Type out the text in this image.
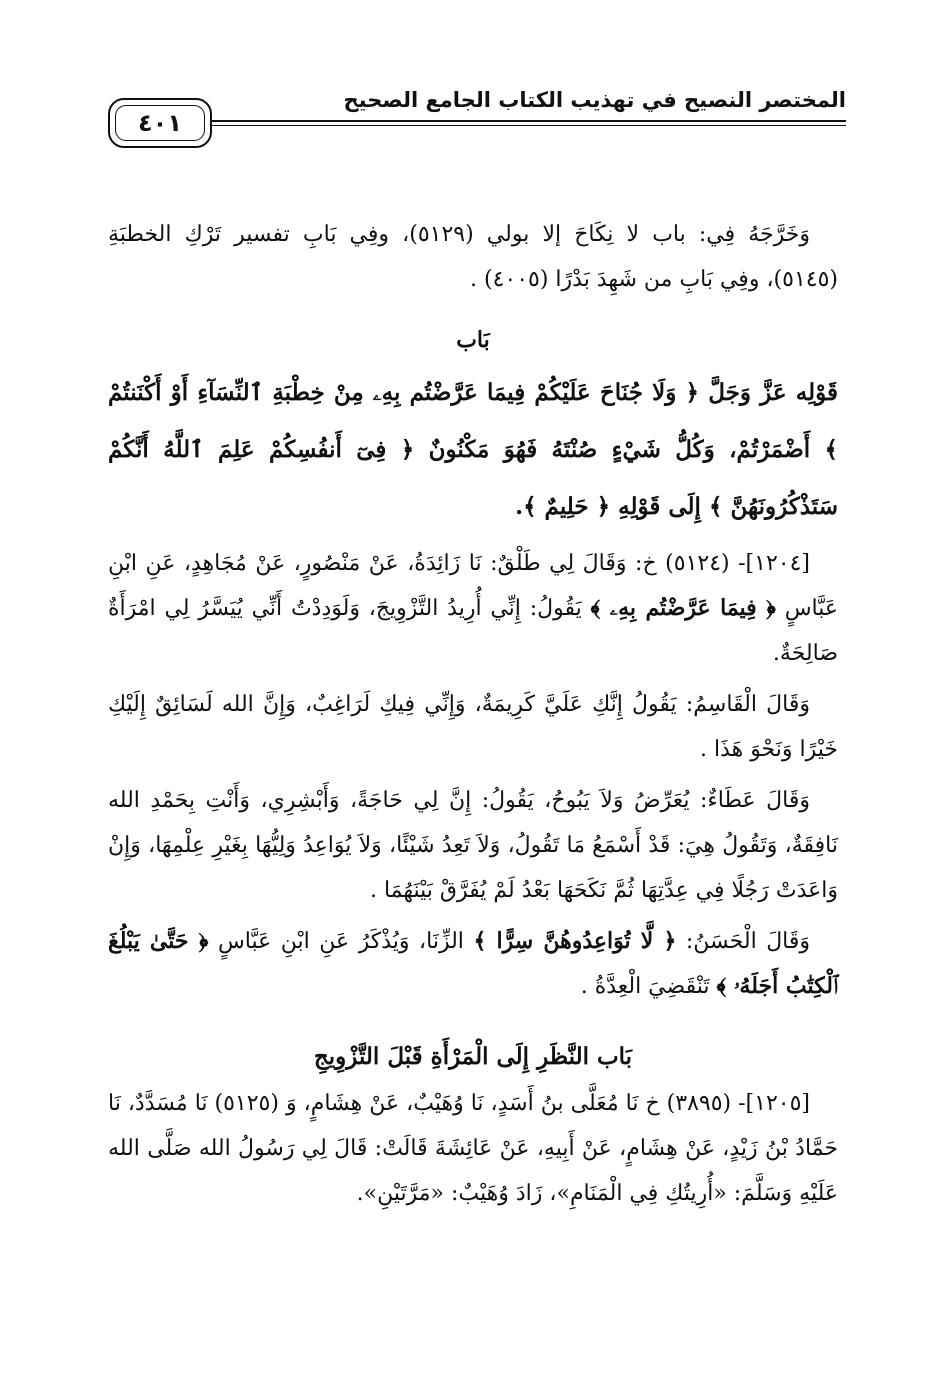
المختصر النصيح في تهذيب الكتاب الجامع الصحيح
٤٠١

وَخَرَّجَهُ فِي: باب لا نِكَاحَ إلا بولي (٥١٢٩)، وفِي بَابِ تفسير تَرْكِ الخطبَةِ (٥١٤٥)، وفِي بَابِ من شَهِدَ بَدْرًا (٤٠٠٥) .

بَاب

قَوْلِه عَزَّ وَجَلَّ ﴿ وَلَا جُنَاحَ عَلَيْكُمْ فِيمَا عَرَّضْتُم بِهِۦ مِنْ خِطْبَةِ ٱلنِّسَآءِ أَوْ أَكْنَنتُمْ ﴾ أَضْمَرْتُمْ، وَكُلُّ شَيْءٍ صُنْتَهُ فَهُوَ مَكْنُونٌ ﴿ فِىٓ أَنفُسِكُمْ عَلِمَ ٱللَّهُ أَنَّكُمْ سَتَذْكُرُونَهُنَّ ﴾ إِلَى قَوْلِهِ ﴿ حَلِيمٌ ﴾.

[١٢٠٤]- (٥١٢٤) خ: وَقَالَ لِي طَلْقٌ: نَا زَائِدَةُ، عَنْ مَنْصُورٍ، عَنْ مُجَاهِدٍ، عَنِ ابْنِ عَبَّاسٍ ﴿ فِيمَا عَرَّضْتُم بِهِۦ ﴾ يَقُولُ: إِنِّي أُرِيدُ التَّزْوِيجَ، وَلَوَدِدْتُ أَنِّي يُيَسَّرُ لِي امْرَأَةٌ صَالِحَةٌ.

وَقَالَ الْقَاسِمُ: يَقُولُ إِنَّكِ عَلَيَّ كَرِيمَةٌ، وَإِنِّي فِيكِ لَرَاغِبٌ، وَإِنَّ الله لَسَائِقٌ إِلَيْكِ خَيْرًا وَنَحْوَ هَذَا .

وَقَالَ عَطَاءٌ: يُعَرِّضُ وَلاَ يَبُوحُ، يَقُولُ: إِنَّ لِي حَاجَةً، وَأَبْشِرِي، وَأَنْتِ بِحَمْدِ الله نَافِقَةٌ، وَتَقُولُ هِيَ: قَدْ أَسْمَعُ مَا تَقُولُ، وَلاَ تَعِدُ شَيْئًا، وَلاَ يُوَاعِدُ وَلِيُّهَا بِغَيْرِ عِلْمِهَا، وَإِنْ وَاعَدَتْ رَجُلًا فِي عِدَّتِهَا ثُمَّ نَكَحَهَا بَعْدُ لَمْ يُفَرَّقْ بَيْنَهُمَا .

وَقَالَ الْحَسَنُ: ﴿ لَّا تُوَاعِدُوهُنَّ سِرًّا ﴾ الزِّنَا، وَيُذْكَرُ عَنِ ابْنِ عَبَّاسٍ ﴿ حَتَّىٰ يَبْلُغَ ٱلْكِتَٰبُ أَجَلَهُۥ ﴾ تَنْقَضِيَ الْعِدَّةُ .

بَاب النَّظَرِ إِلَى الْمَرْأَةِ قَبْلَ التَّزْوِيجِ

[١٢٠٥]- (٣٨٩٥) خ نَا مُعَلَّى بنُ أَسَدٍ، نَا وُهَيْبٌ، عَنْ هِشَامٍ، وَ (٥١٢٥) نَا مُسَدَّدٌ، نَا حَمَّادُ بْنُ زَيْدٍ، عَنْ هِشَامٍ، عَنْ أَبِيهِ، عَنْ عَائِشَةَ قَالَتْ: قَالَ لِي رَسُولُ الله صَلَّى الله عَلَيْهِ وَسَلَّمَ: «أُرِيتُكِ فِي الْمَنَامِ»، زَادَ وُهَيْبٌ: «مَرَّتَيْنِ».
